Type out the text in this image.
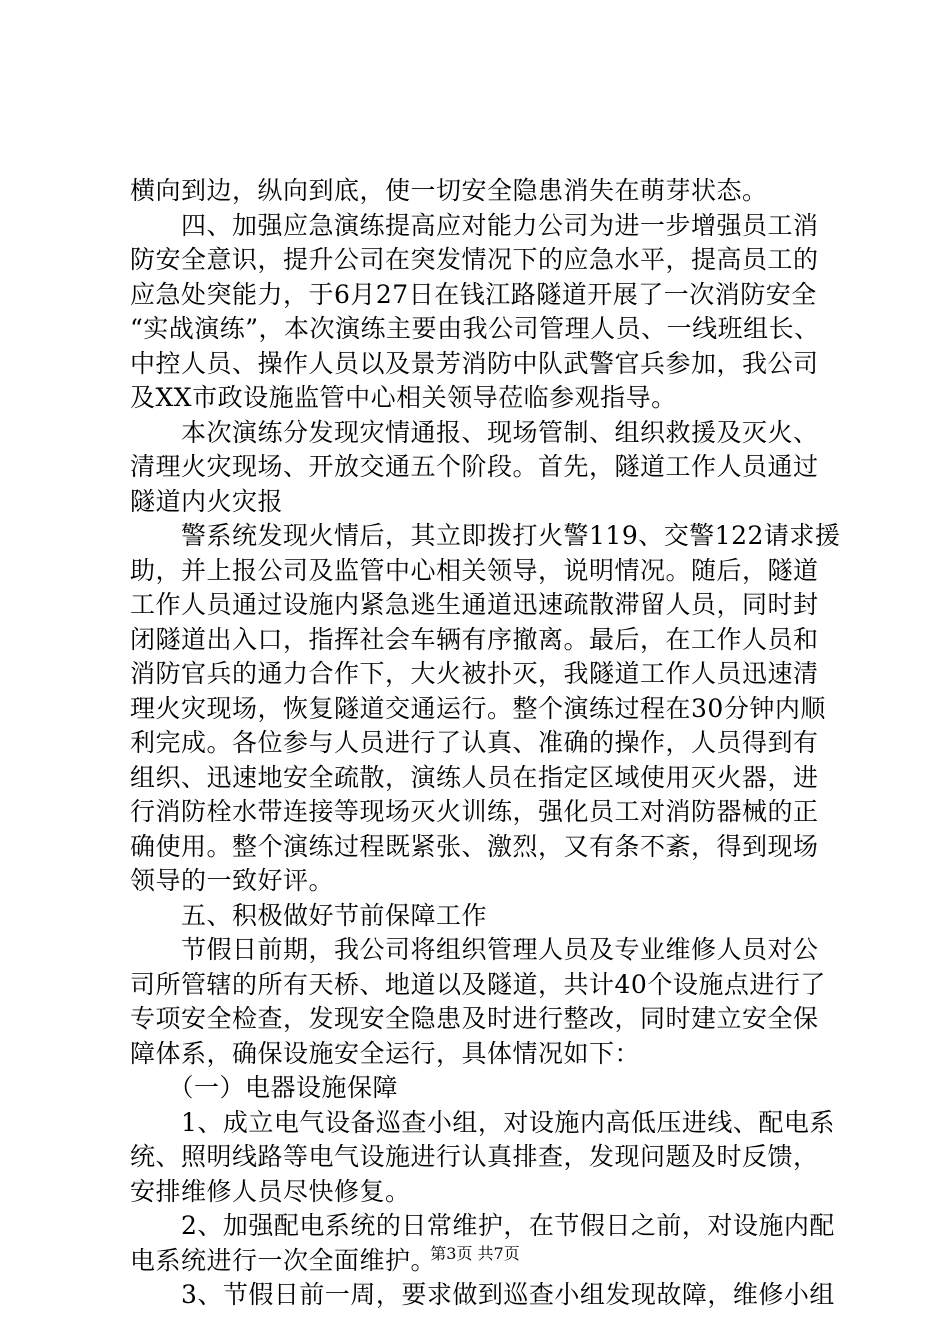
横向到边，纵向到底，使一切安全隐患消失在萌芽状态。
　　四、加强应急演练提高应对能力公司为进一步增强员工消
防安全意识，提升公司在突发情况下的应急水平，提高员工的
应急处突能力，于6月27日在钱江路隧道开展了一次消防安全
“实战演练”，本次演练主要由我公司管理人员、一线班组长、
中控人员、操作人员以及景芳消防中队武警官兵参加，我公司
及XX市政设施监管中心相关领导莅临参观指导。
　　本次演练分发现灾情通报、现场管制、组织救援及灭火、
清理火灾现场、开放交通五个阶段。首先，隧道工作人员通过
隧道内火灾报
　　警系统发现火情后，其立即拨打火警119、交警122请求援
助，并上报公司及监管中心相关领导，说明情况。随后，隧道
工作人员通过设施内紧急逃生通道迅速疏散滞留人员，同时封
闭隧道出入口，指挥社会车辆有序撤离。最后，在工作人员和
消防官兵的通力合作下，大火被扑灭，我隧道工作人员迅速清
理火灾现场，恢复隧道交通运行。整个演练过程在30分钟内顺
利完成。各位参与人员进行了认真、准确的操作，人员得到有
组织、迅速地安全疏散，演练人员在指定区域使用灭火器，进
行消防栓水带连接等现场灭火训练，强化员工对消防器械的正
确使用。整个演练过程既紧张、激烈，又有条不紊，得到现场
领导的一致好评。
　　五、积极做好节前保障工作
　　节假日前期，我公司将组织管理人员及专业维修人员对公
司所管辖的所有天桥、地道以及隧道，共计40个设施点进行了
专项安全检查，发现安全隐患及时进行整改，同时建立安全保
障体系，确保设施安全运行，具体情况如下：
　　（一）电器设施保障
　　1、成立电气设备巡查小组，对设施内高低压进线、配电系
统、照明线路等电气设施进行认真排查，发现问题及时反馈，
安排维修人员尽快修复。
　　2、加强配电系统的日常维护，在节假日之前，对设施内配
电系统进行一次全面维护。
　　3、节假日前一周，要求做到巡查小组发现故障，维修小组
第3页 共7页
